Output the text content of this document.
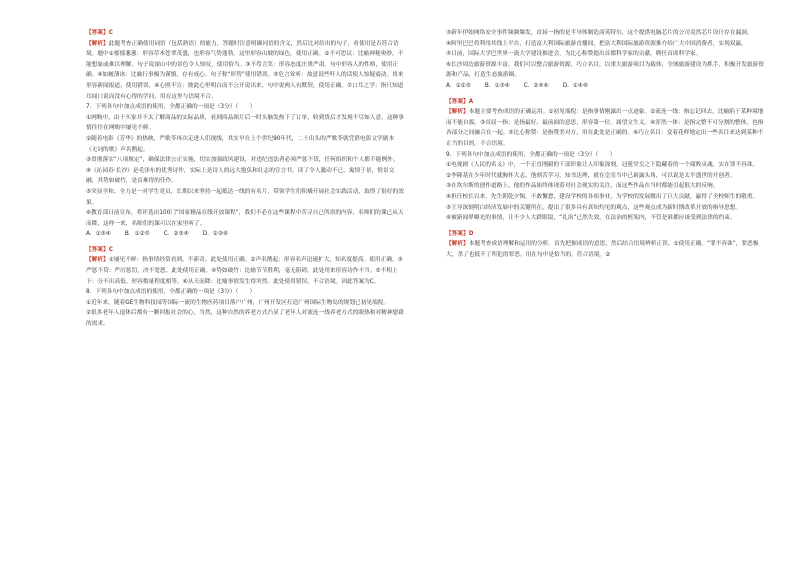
【答案】C

【解析】此题考查正确使用词语（包括熟语）的能力，答题时注意明确词语的含义，然后比对给出的句子，看使用是否符合语境。题中①郁郁葱葱：形容草木苍翠茂盛，也形容气势蓬勃。这里形容山坡的绿色，使用正确。②不可思议：比喻神秘奥妙，不能想象或难以理解。句子说深山中的景色令人惊叹，使用恰当。③不苟言笑：形容态度庄重严肃。句中形容人的性格，使用正确。④如履薄冰：比喻行事极为谨慎，存有戒心。句子称“形势”使用错误。⑤危言耸听：故意说些吓人的话使人惊疑震动。用来形容新闻报道，使用错误。⑥心照不宣：彼此心里明白而不公开说出来。句中说两人有默契，使用正确。⑦口耳之学：指只知道耳闻口说而没有心得的学问，用在这里与语境不合。

7．下列各句中加点成语的使用，全都正确的一项是（3分）（　　）

①网购中，由于买家并不太了解商品的实际品质，看到商品图片后一时头脑发热下了订单，收到货后才发现不尽如人意，这种事情往往在网购中屡见不鲜。

②随着电影《芳华》的热映，严歌苓再次走进人们视线，其实早在上个世纪90年代，二十出头的严歌苓就凭借电影文学剧本《无词的歌》声名鹊起。

③贯彻落实“八项规定”，确保法律公正实施，切实加强政风建设，对违纪违法者必须严惩不贷，任何组织和个人都不能例外。

④《沁园春·长沙》是毛泽东的优秀诗作，实际上是诗人的远大抱负和壮志的宣言书，读了令人激动不已，寓情于景，情景交融，其势如破竹，是首难得的佳作。

⑤突显全和、全力是一对学生党员，长期以来坚持一起抵达一线的有名片，带领学生们积极开展社会实践活动，取得了很好的效果。

⑥教育部日前宣布，将评选出100门“国家精品在线开放课程”，我们不必在这些课程中苦寻自己所需的内容，名师们的课已从天而降，这样一来，名师们的课可以在家里听了。

A．①③④ B．①②⑤ C．②③④ D．②③⑥

【答案】C

【解析】①屡见不鲜：指事情经常看到，不新奇。此处使用正确。②声名鹊起：形容名声迅速扩大，知名度提高。使用正确。③严惩不贷：严厉惩罚，决不宽恕。此处使用正确。④势如破竹：比喻节节胜利，毫无阻碍。此处用来形容诗作不当。⑤不相上下：分不出高低。形容数量程度相等。⑥从天而降：比喻事情发生得突然。此处使用错误，不合语境。因此答案为C。

8．下列各句中加点成语的使用，全都正确的一项是（3分）（　　）

①近年来，随着GE生物科技园等国际一流的生物医药项目落户广州，广州开发区打造广州国际生物岛的规划已初见端倪。

②很多老年人退休后都有一颗回报社会的心，当然，这种自然的养老方式凸显了老年人对流连一线养老方式的眼热和对精神慰藉的需求。

③新年伊始网络安全事件频频爆发，首屈一指的是半导体制造商英特尔，这个提供电脑芯片的公司竟然芯片设计存在漏洞。

④阿里巴巴将利用其线上平台，打造富大利国际旅游直播间，把富大利国际旅游资源推介给广大中国消费者，实现双赢。

⑤日前，国际大学巴世界一流大学建设推进会，为比心称赞提出首都科学家的贡献，聘任首席科学家。

⑥长沙周边旅游资源丰富，我们可以整合旅游资源，巧立名目，以重大旅游项目为载体，全域旅游建设为抓手，积极开发旅游资源和产品，打造生态旅游圈。

A．①②⑤ B．①③④ C．②④⑥ D．①④⑥

【答案】A

【解析】本题主要考查成语的正确运用。①初见端倪：是指事情刚露出一点迹象。②流连一线：指忘记回去，比喻陷于某种境地而不能自拔。③首屈一指：是指最好、最前面的意思，形容第一位。属望文生义。④浑然一体：是指完整不可分割的整体，也指各部分之间融合在一起。⑤比心称赞：是指赞美对方，用在此处是正确的。⑥巧立名目：变着花样地定出一些名目来达到某种不正当的目的。不合语境。

9．下列各句中加点成语的使用，全都正确的一项是（3分）（　　）

①电视剧《人民的名义》中，一个正直刚毅的干部形象让人印象深刻，冠冕堂皇之下隐藏着的一个腐败灵魂，实在罪不容诛。

②李隆基在少年时代就胸怀大志，他刻苦学习，知书达理，就在皇室当中已崭露头角，可以说是太平盛世的开创者。

③在坎尔斯的创作道路上，他的作品始终体现着对社会现实的关注，而这些作品在当时都能引起很大的反响。

④担任校长以来，先生朝乾夕惕，不敢懈怠，建设学校的各项事业，为学校的发展做出了巨大贡献，赢得了全校师生的敬重。

⑤王导深刻明白经济发展中的关键所在，提出了很多具有真知灼见的观点，这些观点成为新时期改革开放的指导思想。

⑥被新闻界曝光的事情，让不少人大跌眼镜，“礼治”已然失效，在法治的框架内，不管是谁都应该受到法律的约束。

【答案】D

【解析】本题考查成语理解和运用的分析。首先把握成语的意思，然后结合语境辨析正误。①使用正确。“罪不容诛”，罪恶极大，杀了也抵不了所犯的罪恶。用在句中是恰当的，符合语境。②
